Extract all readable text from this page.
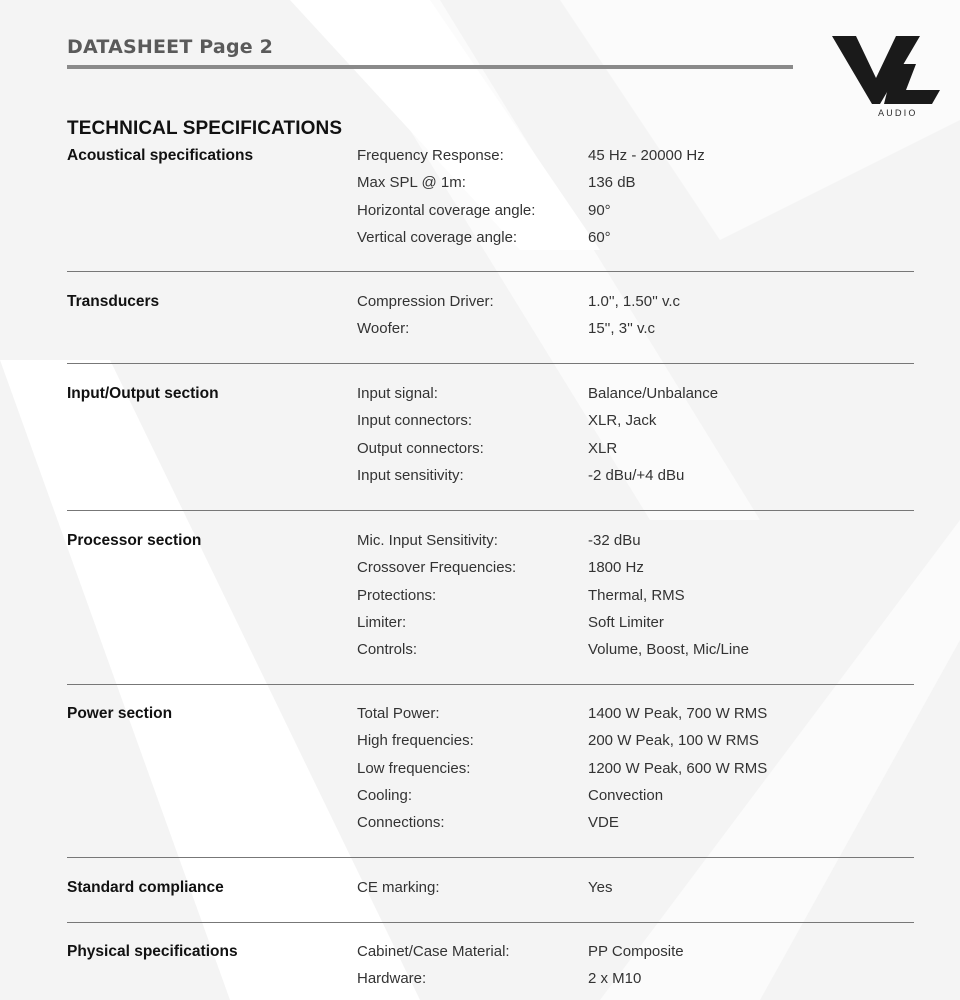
DATASHEET Page 2
AUDIO
TECHNICAL SPECIFICATIONS
Acoustical specifications	Frequency Response:	45 Hz - 20000 Hz
Max SPL @ 1m:	136 dB
Horizontal coverage angle:	90°
Vertical coverage angle:	60°
Transducers	Compression Driver:	1.0'', 1.50'' v.c
Woofer:	15'', 3'' v.c
Input/Output section	Input signal:	Balance/Unbalance
Input connectors:	XLR, Jack
Output connectors:	XLR
Input sensitivity:	-2 dBu/+4 dBu
Processor section	Mic. Input Sensitivity:	-32 dBu
Crossover Frequencies:	1800 Hz
Protections:	Thermal, RMS
Limiter:	Soft Limiter
Controls:	Volume, Boost, Mic/Line
Power section	Total Power:	1400 W Peak, 700 W RMS
High frequencies:	200 W Peak, 100 W RMS
Low frequencies:	1200 W Peak, 600 W RMS
Cooling:	Convection
Connections:	VDE
Standard compliance	CE marking:	Yes
Physical specifications	Cabinet/Case Material:	PP Composite
Hardware:	2 x M10
